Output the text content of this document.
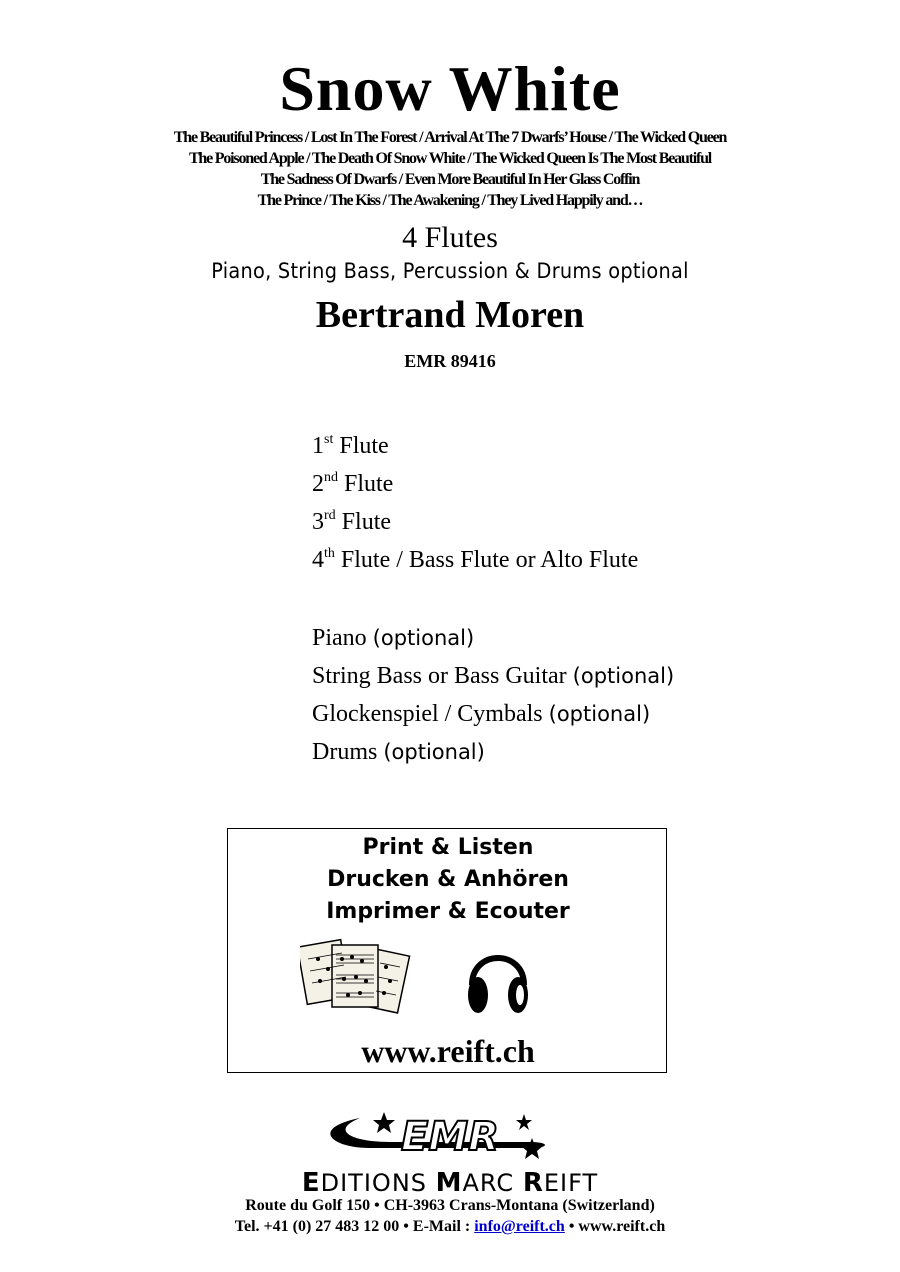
Snow White
The Beautiful Princess / Lost In The Forest / Arrival At The 7 Dwarfs’ House / The Wicked Queen
The Poisoned Apple / The Death Of Snow White / The Wicked Queen Is The Most Beautiful
The Sadness Of Dwarfs / Even More Beautiful In Her Glass Coffin
The Prince / The Kiss / The Awakening / They Lived Happily and…
4 Flutes
Piano, String Bass, Percussion & Drums optional
Bertrand Moren
EMR 89416
1st Flute
2nd Flute
3rd Flute
4th Flute / Bass Flute or Alto Flute
Piano (optional)
String Bass or Bass Guitar (optional)
Glockenspiel / Cymbals (optional)
Drums (optional)
Print & Listen
Drucken & Anhören
Imprimer & Ecouter
www.reift.ch
EMR
EDITIONS MARC REIFT
Route du Golf 150 • CH-3963 Crans-Montana (Switzerland)
Tel. +41 (0) 27 483 12 00 • E-Mail : info@reift.ch • www.reift.ch
